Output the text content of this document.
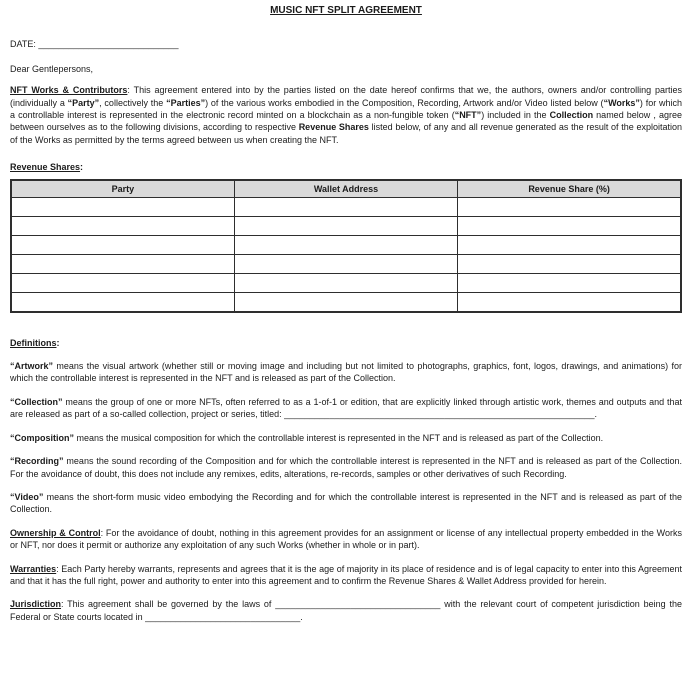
MUSIC NFT SPLIT AGREEMENT

DATE: ____________________________

Dear Gentlepersons,

NFT Works & Contributors: This agreement entered into by the parties listed on the date hereof confirms that we, the authors, owners and/or controlling parties (individually a “Party”, collectively the “Parties”) of the various works embodied in the Composition, Recording, Artwork and/or Video listed below (“Works”) for which a controllable interest is represented in the electronic record minted on a blockchain as a non-fungible token (“NFT”) included in the Collection named below , agree between ourselves as to the following divisions, according to respective Revenue Shares listed below, of any and all revenue generated as the result of the exploitation of the Works as permitted by the terms agreed between us when creating the NFT.

Revenue Shares:

Party	Wallet Address	Revenue Share (%)

Definitions:

“Artwork” means the visual artwork (whether still or moving image and including but not limited to photographs, graphics, font, logos, drawings, and animations) for which the controllable interest is represented in the NFT and is released as part of the Collection.

“Collection” means the group of one or more NFTs, often referred to as a 1-of-1 or edition, that are explicitly linked through artistic work, themes and outputs and that are released as part of a so-called collection, project or series, titled: ______________________________________________________________.

“Composition” means the musical composition for which the controllable interest is represented in the NFT and is released as part of the Collection.

“Recording” means the sound recording of the Composition and for which the controllable interest is represented in the NFT and is released as part of the Collection. For the avoidance of doubt, this does not include any remixes, edits, alterations, re-records, samples or other derivatives of such Recording.

“Video” means the short-form music video embodying the Recording and for which the controllable interest is represented in the NFT and is released as part of the Collection.

Ownership & Control: For the avoidance of doubt, nothing in this agreement provides for an assignment or license of any intellectual property embedded in the Works or NFT, nor does it permit or authorize any exploitation of any such Works (whether in whole or in part).

Warranties: Each Party hereby warrants, represents and agrees that it is the age of majority in its place of residence and is of legal capacity to enter into this Agreement and that it has the full right, power and authority to enter into this agreement and to confirm the Revenue Shares & Wallet Address provided for herein.

Jurisdiction: This agreement shall be governed by the laws of _________________________________ with the relevant court of competent jurisdiction being the Federal or State courts located in _______________________________.
